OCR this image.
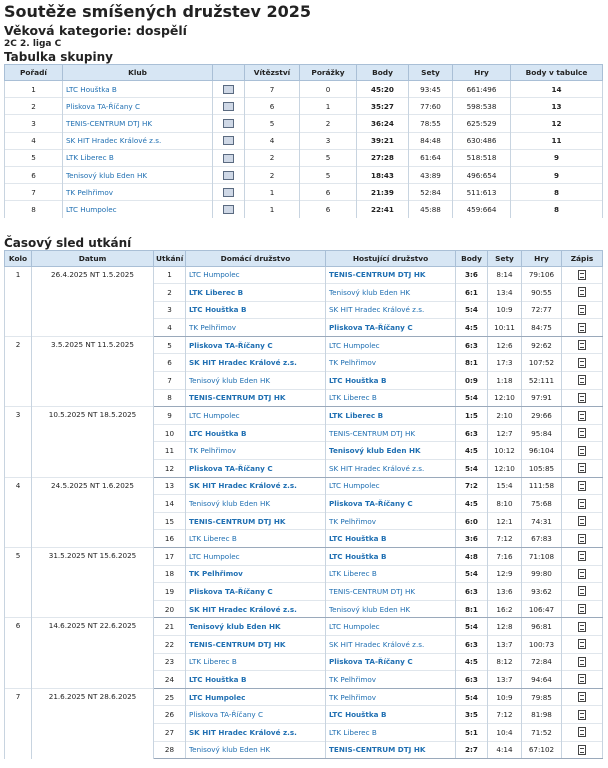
Soutěže smíšených družstev 2025
Věková kategorie: dospělí
2C 2. liga C
Tabulka skupiny
Pořadí	Klub		Vítězství	Porážky	Body	Sety	Hry	Body v tabulce
1	LTC Houštka B		7	0	45:20	93:45	661:496	14
2	Pliskova TA-Říčany C		6	1	35:27	77:60	598:538	13
3	TENIS-CENTRUM DTJ HK		5	2	36:24	78:55	625:529	12
4	SK HIT Hradec Králové z.s.		4	3	39:21	84:48	630:486	11
5	LTK Liberec B		2	5	27:28	61:64	518:518	9
6	Tenisový klub Eden HK		2	5	18:43	43:89	496:654	9
7	TK Pelhřimov		1	6	21:39	52:84	511:613	8
8	LTC Humpolec		1	6	22:41	45:88	459:664	8
Časový sled utkání
Kolo	Datum	Utkání	Domácí družstvo	Hostující družstvo	Body	Sety	Hry	Zápis
1	26.4.2025 NT 1.5.2025	1	LTC Humpolec	TENIS-CENTRUM DTJ HK	3:6	8:14	79:106	
		2	LTK Liberec B	Tenisový klub Eden HK	6:1	13:4	90:55	
		3	LTC Houštka B	SK HIT Hradec Králové z.s.	5:4	10:9	72:77	
		4	TK Pelhřimov	Pliskova TA-Říčany C	4:5	10:11	84:75	
2	3.5.2025 NT 11.5.2025	5	Pliskova TA-Říčany C	LTC Humpolec	6:3	12:6	92:62	
		6	SK HIT Hradec Králové z.s.	TK Pelhřimov	8:1	17:3	107:52	
		7	Tenisový klub Eden HK	LTC Houštka B	0:9	1:18	52:111	
		8	TENIS-CENTRUM DTJ HK	LTK Liberec B	5:4	12:10	97:91	
3	10.5.2025 NT 18.5.2025	9	LTC Humpolec	LTK Liberec B	1:5	2:10	29:66	
		10	LTC Houštka B	TENIS-CENTRUM DTJ HK	6:3	12:7	95:84	
		11	TK Pelhřimov	Tenisový klub Eden HK	4:5	10:12	96:104	
		12	Pliskova TA-Říčany C	SK HIT Hradec Králové z.s.	5:4	12:10	105:85	
4	24.5.2025 NT 1.6.2025	13	SK HIT Hradec Králové z.s.	LTC Humpolec	7:2	15:4	111:58	
		14	Tenisový klub Eden HK	Pliskova TA-Říčany C	4:5	8:10	75:68	
		15	TENIS-CENTRUM DTJ HK	TK Pelhřimov	6:0	12:1	74:31	
		16	LTK Liberec B	LTC Houštka B	3:6	7:12	67:83	
5	31.5.2025 NT 15.6.2025	17	LTC Humpolec	LTC Houštka B	4:8	7:16	71:108	
		18	TK Pelhřimov	LTK Liberec B	5:4	12:9	99:80	
		19	Pliskova TA-Říčany C	TENIS-CENTRUM DTJ HK	6:3	13:6	93:62	
		20	SK HIT Hradec Králové z.s.	Tenisový klub Eden HK	8:1	16:2	106:47	
6	14.6.2025 NT 22.6.2025	21	Tenisový klub Eden HK	LTC Humpolec	5:4	12:8	96:81	
		22	TENIS-CENTRUM DTJ HK	SK HIT Hradec Králové z.s.	6:3	13:7	100:73	
		23	LTK Liberec B	Pliskova TA-Říčany C	4:5	8:12	72:84	
		24	LTC Houštka B	TK Pelhřimov	6:3	13:7	94:64	
7	21.6.2025 NT 28.6.2025	25	LTC Humpolec	TK Pelhřimov	5:4	10:9	79:85	
		26	Pliskova TA-Říčany C	LTC Houštka B	3:5	7:12	81:98	
		27	SK HIT Hradec Králové z.s.	LTK Liberec B	5:1	10:4	71:52	
		28	Tenisový klub Eden HK	TENIS-CENTRUM DTJ HK	2:7	4:14	67:102	
